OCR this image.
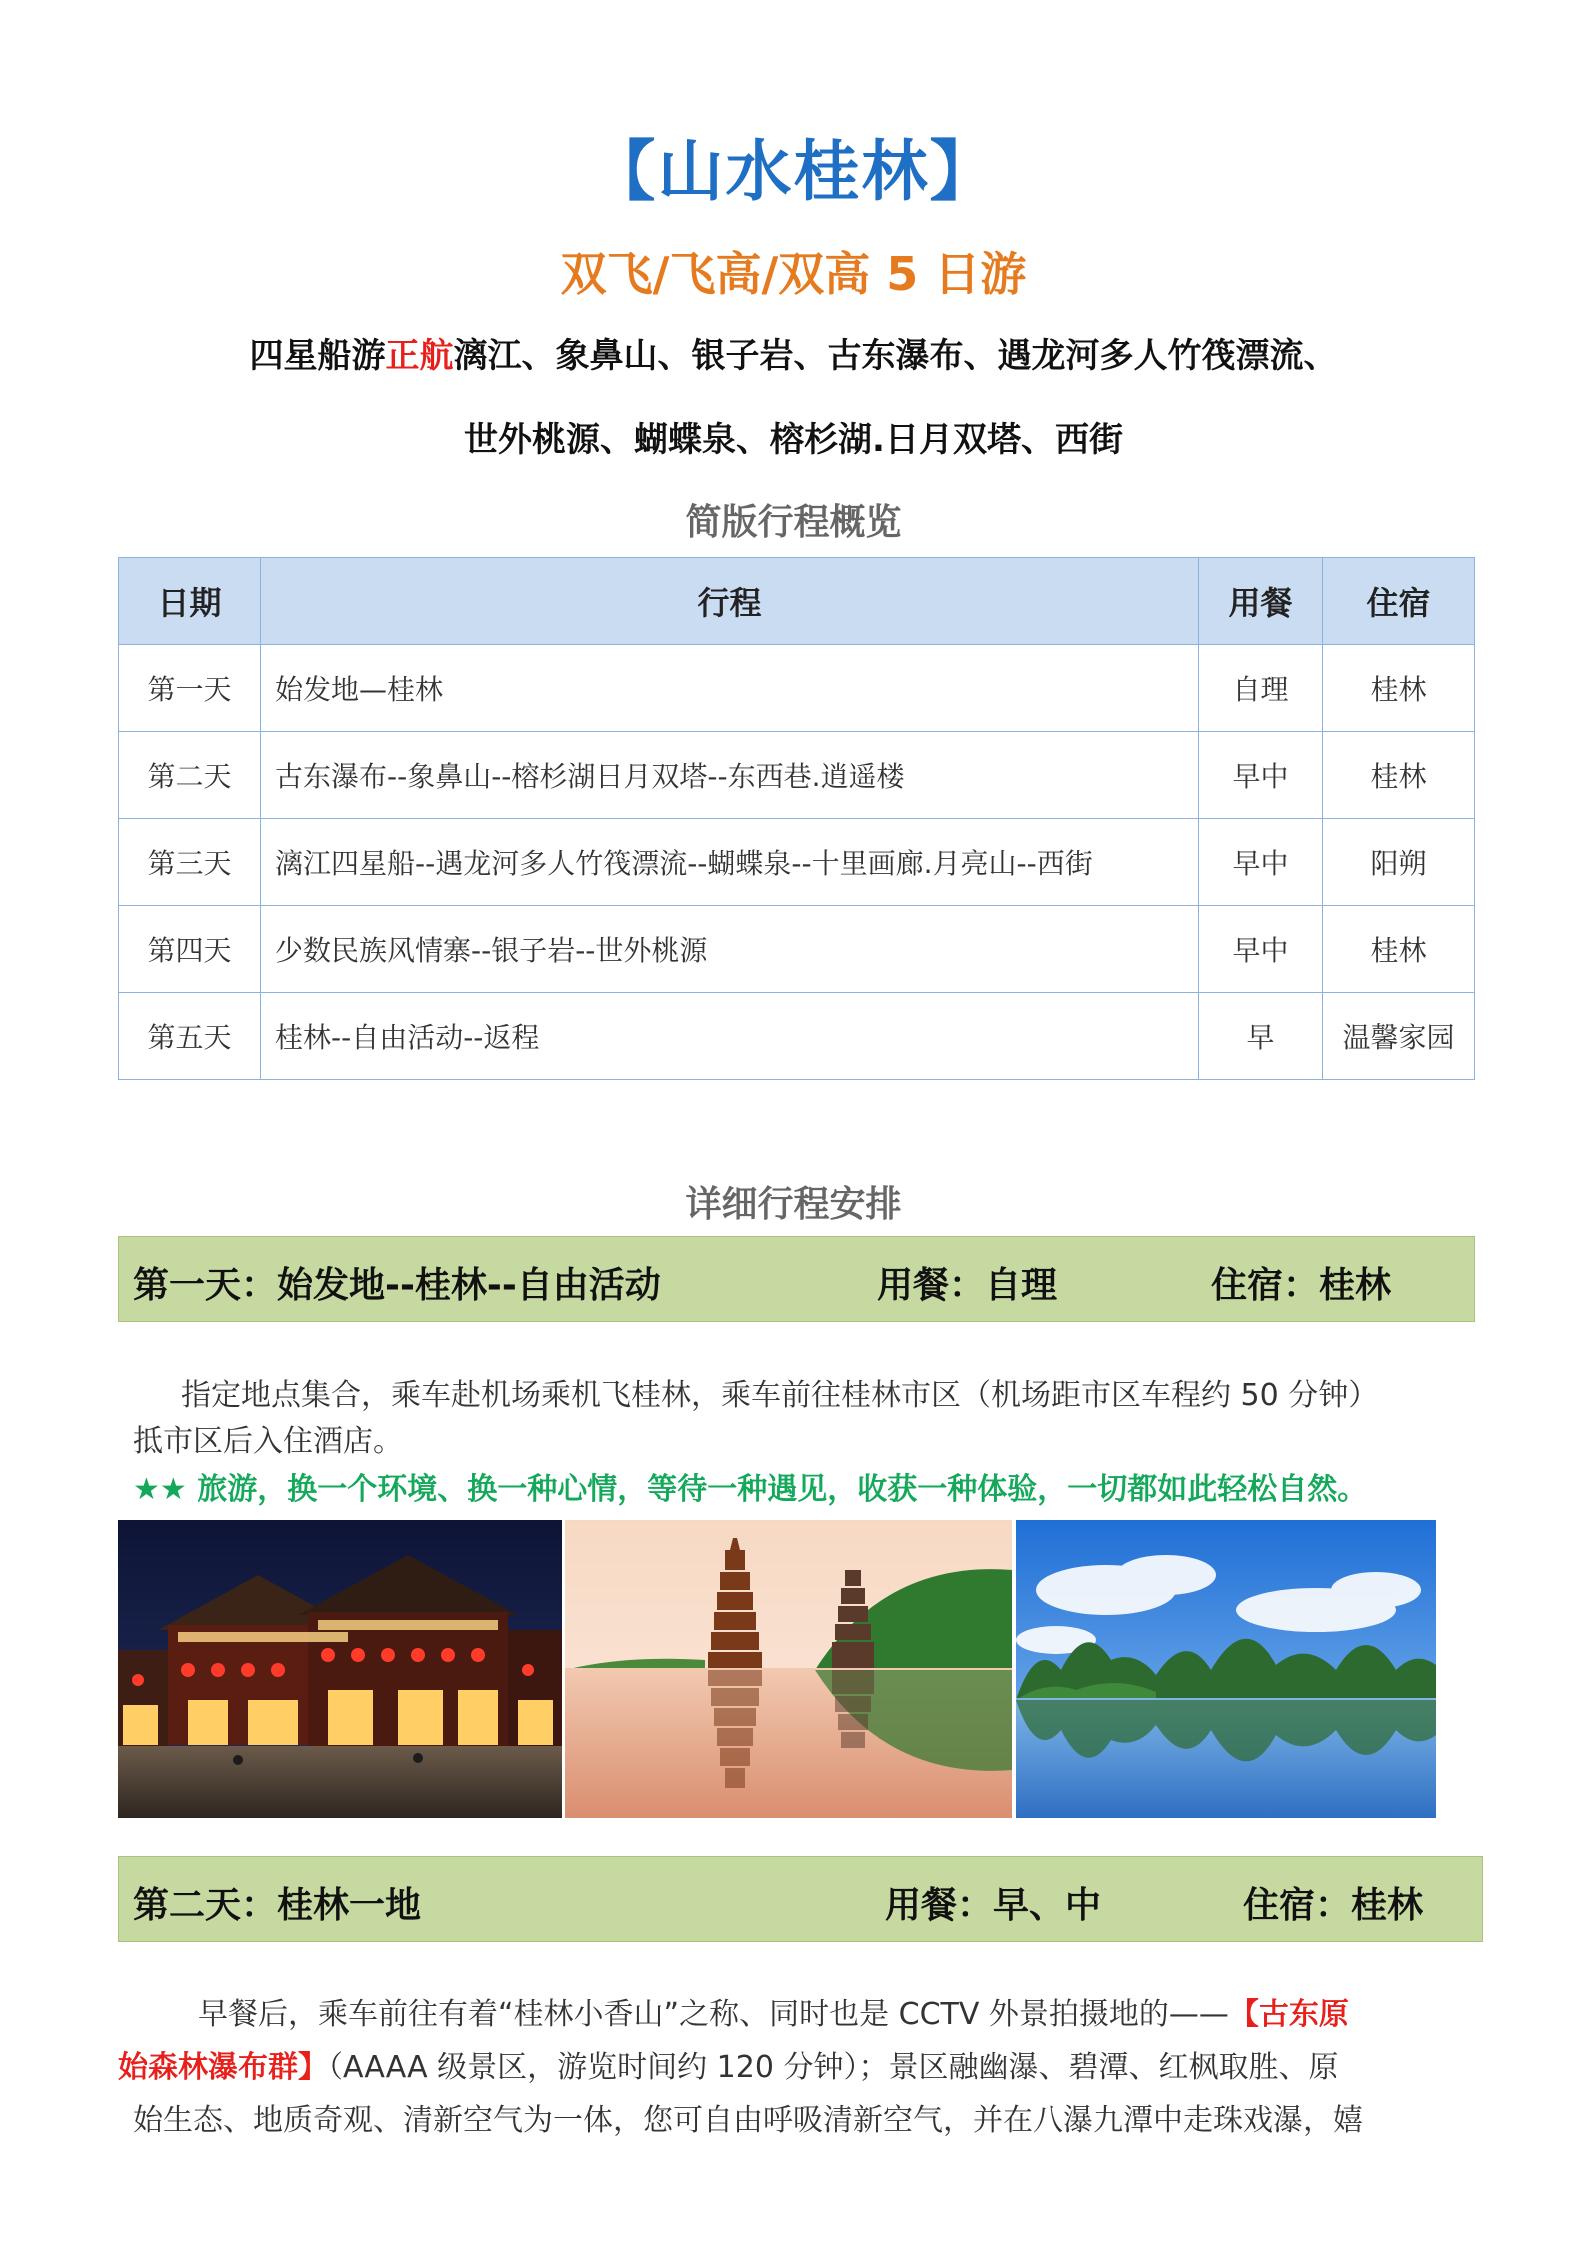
【山水桂林】
双飞/飞高/双高 5 日游
四星船游正航漓江、象鼻山、银子岩、古东瀑布、遇龙河多人竹筏漂流、
世外桃源、蝴蝶泉、榕杉湖.日月双塔、西街
简版行程概览
日期	行程	用餐	住宿
第一天	始发地—桂林	自理	桂林
第二天	古东瀑布--象鼻山--榕杉湖日月双塔--东西巷.逍遥楼	早中	桂林
第三天	漓江四星船--遇龙河多人竹筏漂流--蝴蝶泉--十里画廊.月亮山--西街	早中	阳朔
第四天	少数民族风情寨--银子岩--世外桃源	早中	桂林
第五天	桂林--自由活动--返程	早	温馨家园
详细行程安排
第一天：始发地--桂林--自由活动	用餐：自理	住宿：桂林
指定地点集合，乘车赴机场乘机飞桂林，乘车前往桂林市区（机场距市区车程约 50 分钟）
抵市区后入住酒店。
★★ 旅游，换一个环境、换一种心情，等待一种遇见，收获一种体验，一切都如此轻松自然。
第二天：桂林一地	用餐：早、中	住宿：桂林
早餐后，乘车前往有着“桂林小香山”之称、同时也是 CCTV 外景拍摄地的——【古东原
始森林瀑布群】（AAAA 级景区，游览时间约 120 分钟）；景区融幽瀑、碧潭、红枫取胜、原
始生态、地质奇观、清新空气为一体，您可自由呼吸清新空气，并在八瀑九潭中走珠戏瀑，嬉
